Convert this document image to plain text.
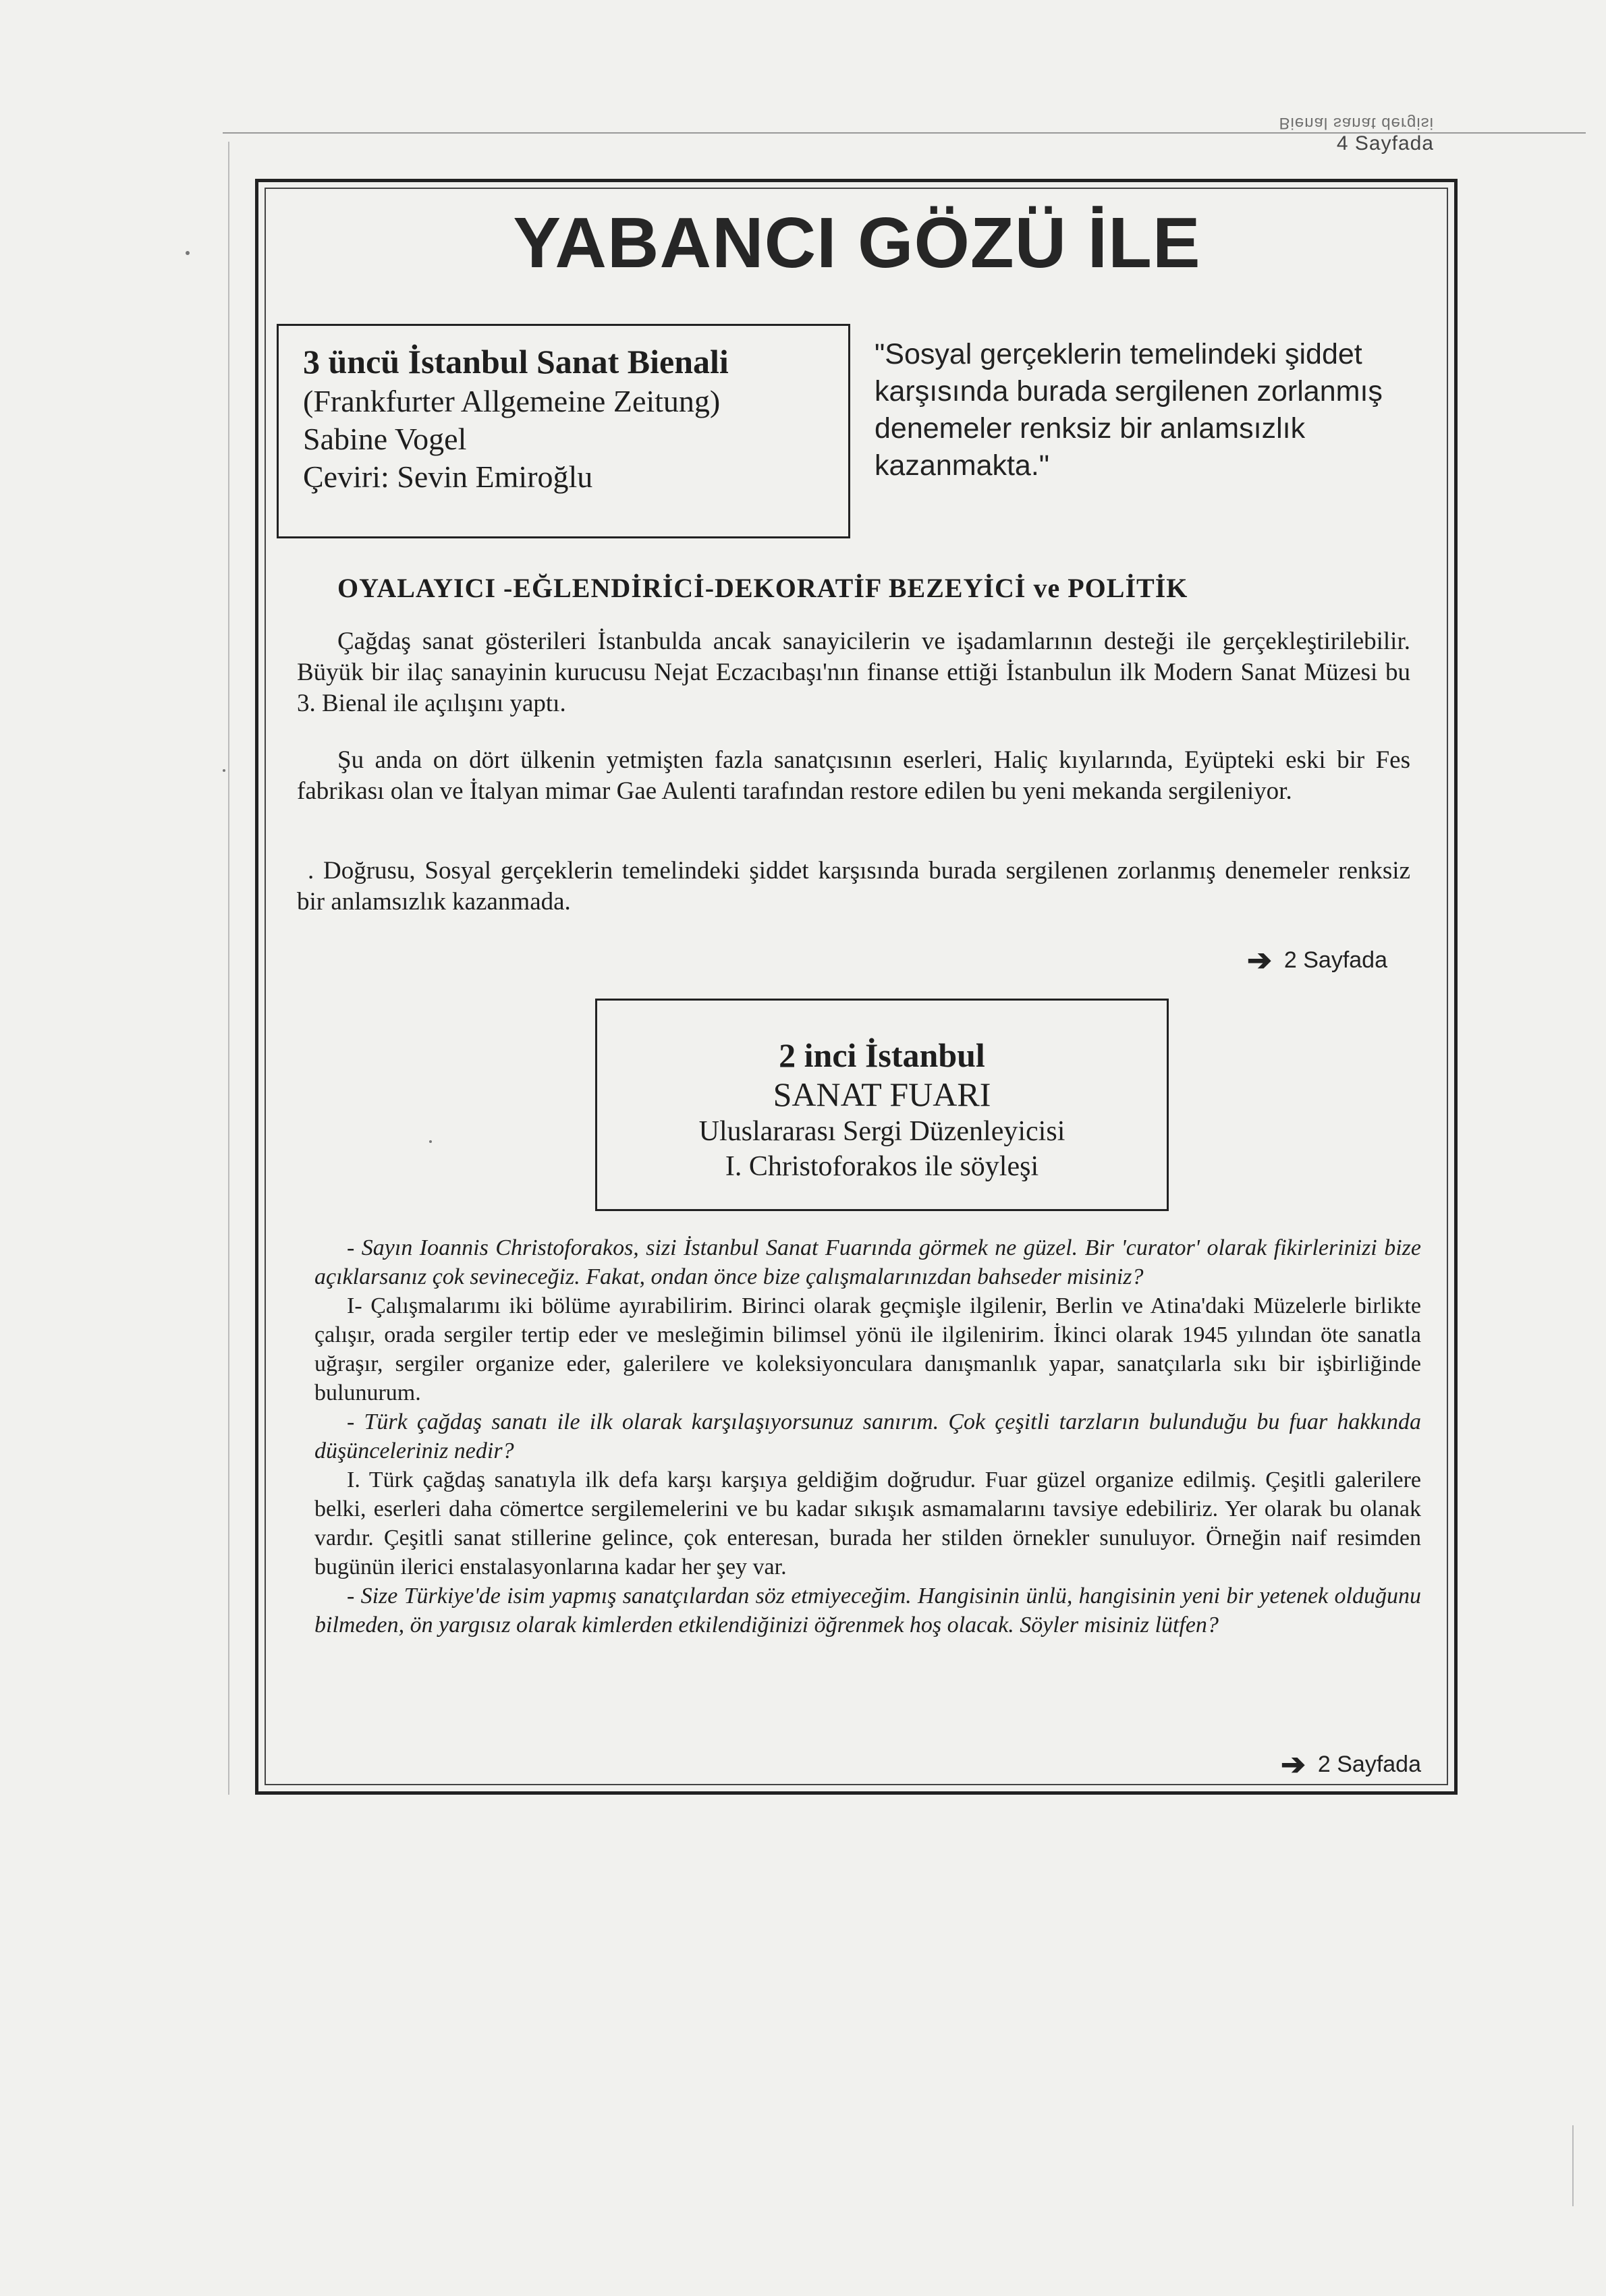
Bienal sanat dergisi
4 Sayfada
YABANCI GÖZÜ İLE
3 üncü İstanbul Sanat Bienali
(Frankfurter Allgemeine Zeitung)
Sabine Vogel
Çeviri: Sevin Emiroğlu
"Sosyal gerçeklerin temelindeki şiddet karşısında burada sergilenen zorlanmış denemeler renksiz bir anlamsızlık kazanmakta."
OYALAYICI -EĞLENDİRİCİ-DEKORATİF BEZEYİCİ ve POLİTİK

Çağdaş sanat gösterileri İstanbulda ancak sanayicilerin ve işadamlarının desteği ile gerçekleştirilebilir. Büyük bir ilaç sanayinin kurucusu Nejat Eczacıbaşı'nın finanse ettiği İstanbulun ilk Modern Sanat Müzesi bu 3. Bienal ile açılışını yaptı.

Şu anda on dört ülkenin yetmişten fazla sanatçısının eserleri, Haliç kıyılarında, Eyüpteki eski bir Fes fabrikası olan ve İtalyan mimar Gae Aulenti tarafından restore edilen bu yeni mekanda sergileniyor.

. Doğrusu, Sosyal gerçeklerin temelindeki şiddet karşısında burada sergilenen zorlanmış denemeler renksiz bir anlamsızlık kazanmada.

➔ 2 Sayfada
2 inci İstanbul
SANAT FUARI
Uluslararası Sergi Düzenleyicisi
I. Christoforakos ile söyleşi

- Sayın Ioannis Christoforakos, sizi İstanbul Sanat Fuarında görmek ne güzel. Bir 'curator' olarak fikirlerinizi bize açıklarsanız çok sevineceğiz. Fakat, ondan önce bize çalışmalarınızdan bahseder misiniz?

I- Çalışmalarımı iki bölüme ayırabilirim. Birinci olarak geçmişle ilgilenir, Berlin ve Atina'daki Müzelerle birlikte çalışır, orada sergiler tertip eder ve mesleğimin bilimsel yönü ile ilgilenirim. İkinci olarak 1945 yılından öte sanatla uğraşır, sergiler organize eder, galerilere ve koleksiyonculara danışmanlık yapar, sanatçılarla sıkı bir işbirliğinde bulunurum.

- Türk çağdaş sanatı ile ilk olarak karşılaşıyorsunuz sanırım. Çok çeşitli tarzların bulunduğu bu fuar hakkında düşünceleriniz nedir?

I. Türk çağdaş sanatıyla ilk defa karşı karşıya geldiğim doğrudur. Fuar güzel organize edilmiş. Çeşitli galerilere belki, eserleri daha cömertce sergilemelerini ve bu kadar sıkışık asmamalarını tavsiye edebiliriz. Yer olarak bu olanak vardır. Çeşitli sanat stillerine gelince, çok enteresan, burada her stilden örnekler sunuluyor. Örneğin naif resimden bugünün ilerici enstalasyonlarına kadar her şey var.

- Size Türkiye'de isim yapmış sanatçılardan söz etmiyeceğim. Hangisinin ünlü, hangisinin yeni bir yetenek olduğunu bilmeden, ön yargısız olarak kimlerden etkilendiğinizi öğrenmek hoş olacak. Söyler misiniz lütfen?

➔ 2 Sayfada
